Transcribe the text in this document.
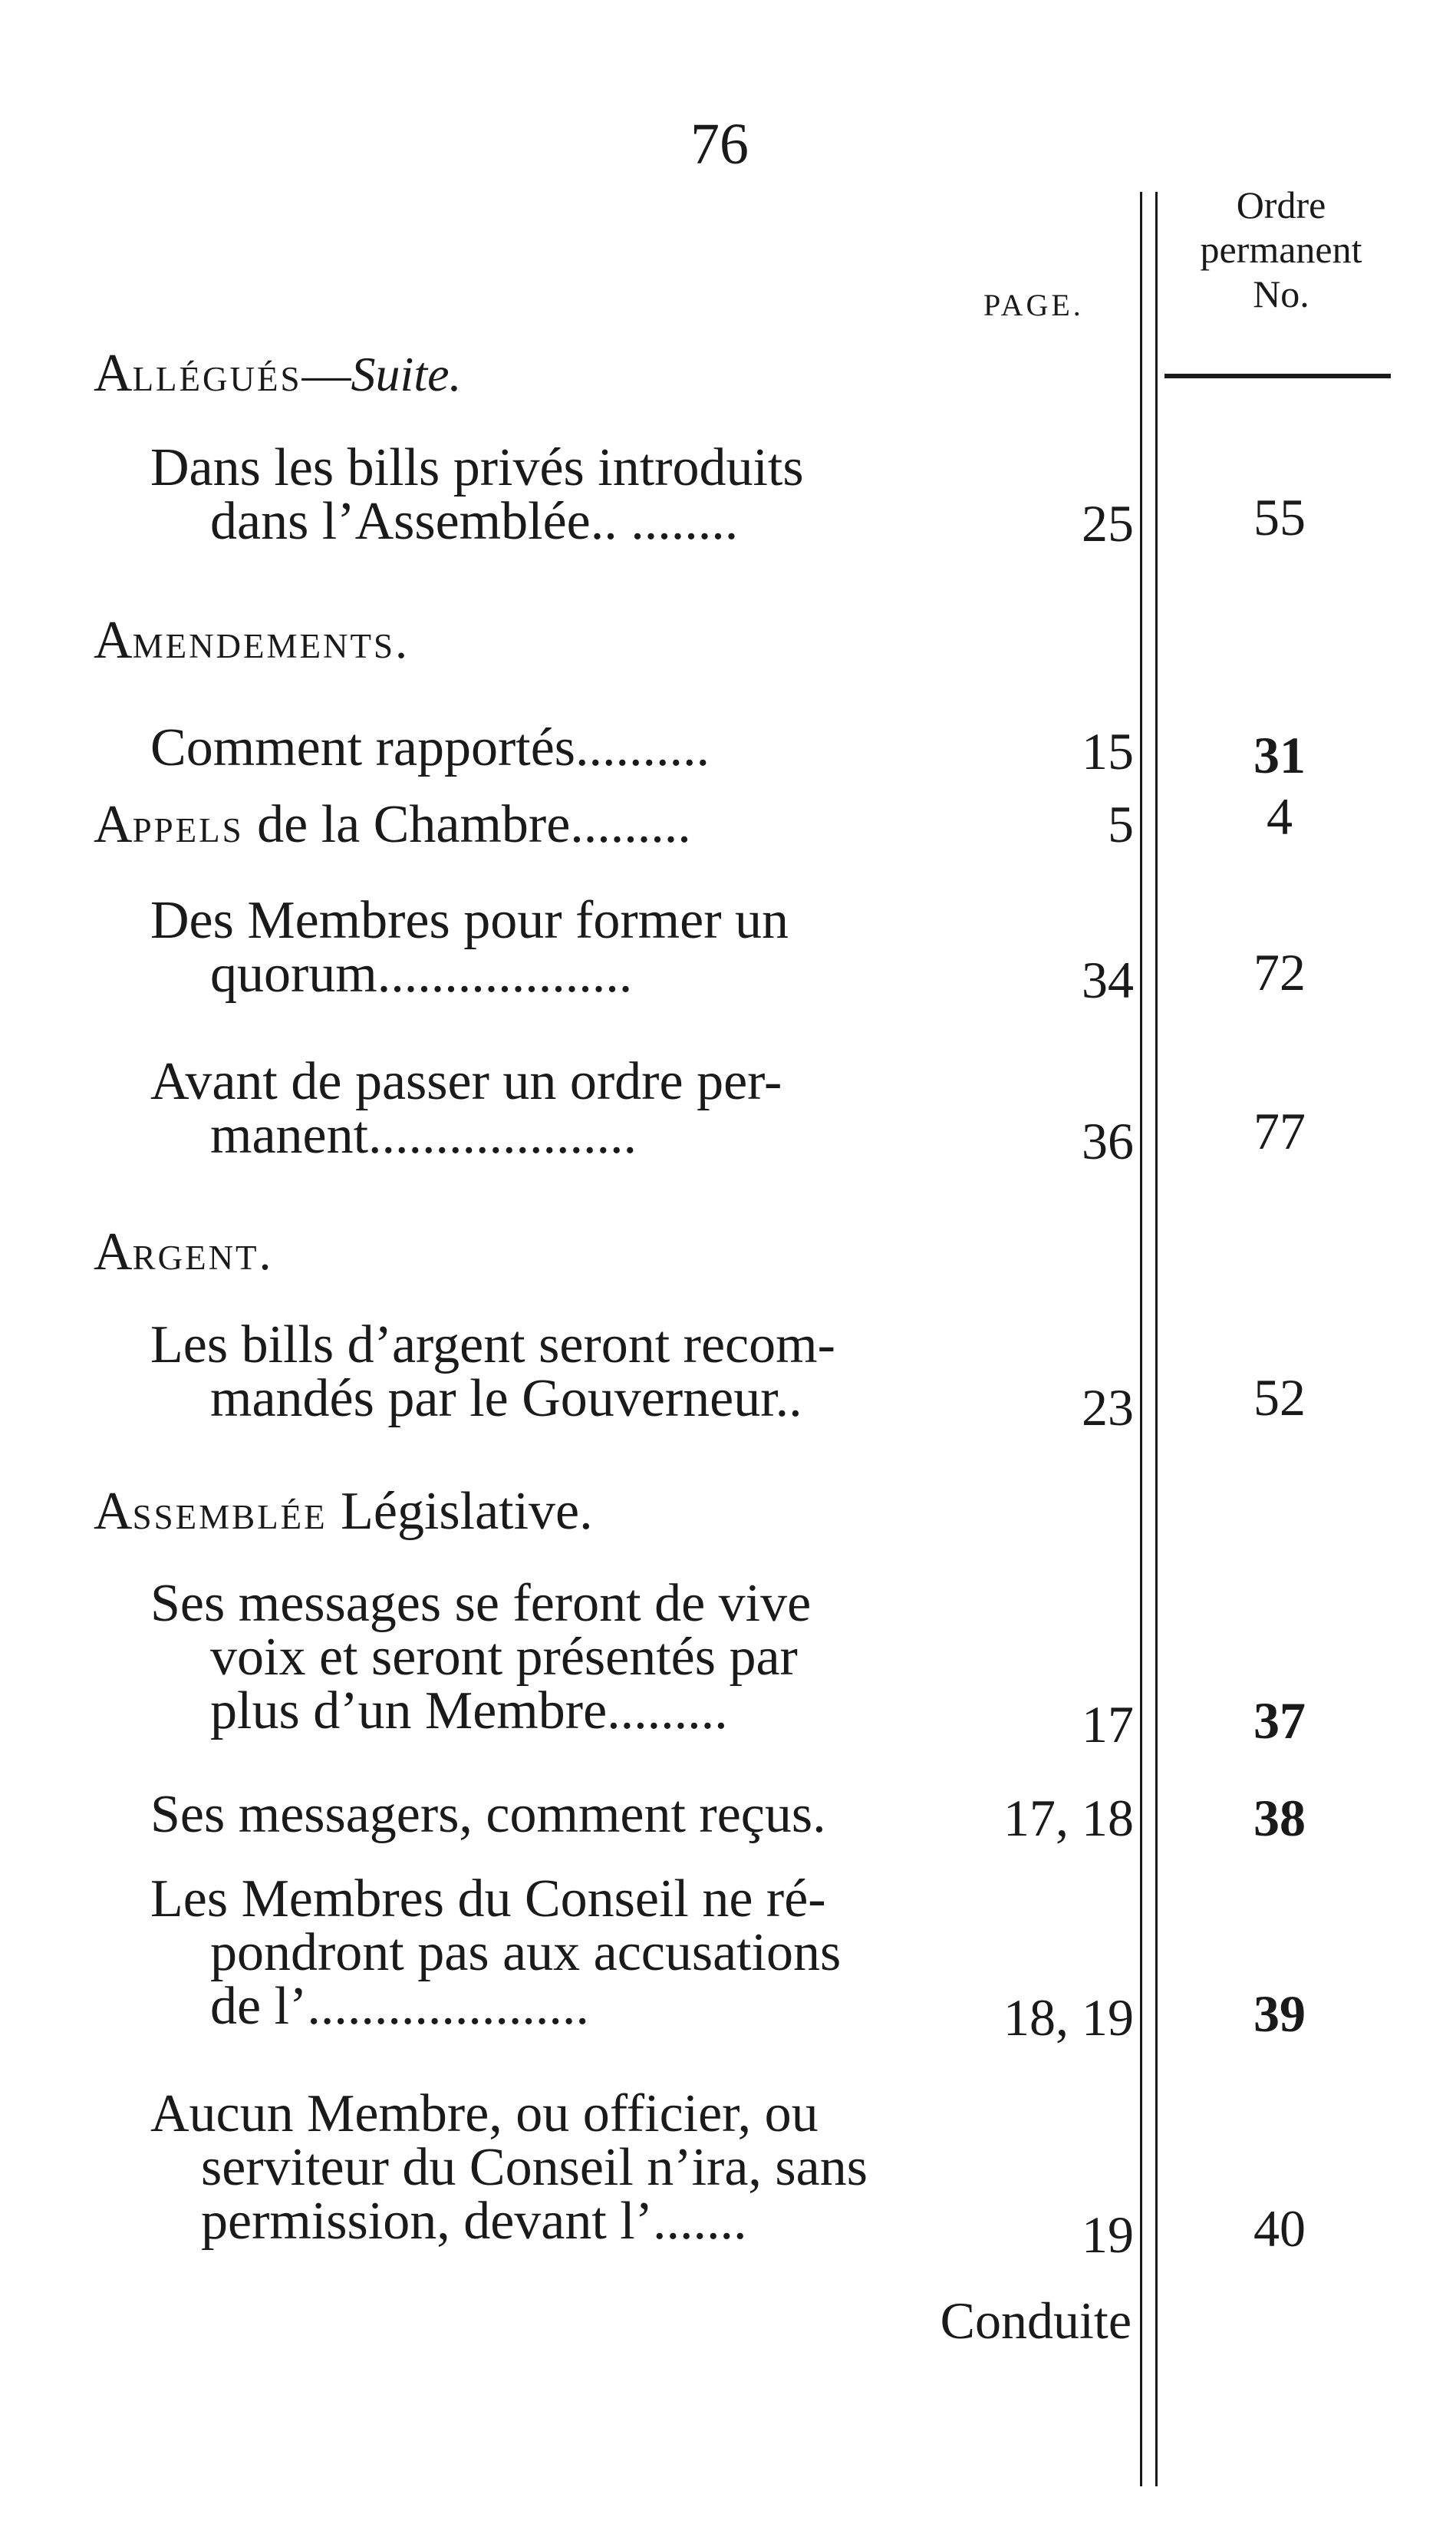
76
PAGE.
Ordre
permanent
No.
Allégués—Suite.
Dans les bills privés introduits
dans l’Assemblée.. ........	25	55
Amendements.
Comment rapportés..........	15	31
Appels de la Chambre.........	5	4
Des Membres pour former un
quorum...................	34	72
Avant de passer un ordre per-
manent....................	36	77
Argent.
Les bills d’argent seront recom-
mandés par le Gouverneur..	23	52
Assemblée Législative.
Ses messages se feront de vive
voix et seront présentés par
plus d’un Membre.........	17	37
Ses messagers, comment reçus.	17, 18	38
Les Membres du Conseil ne ré-
pondront pas aux accusations
de l’.....................	18, 19	39
Aucun Membre, ou officier, ou
serviteur du Conseil n’ira, sans
permission, devant l’.......	19	40
Conduite
